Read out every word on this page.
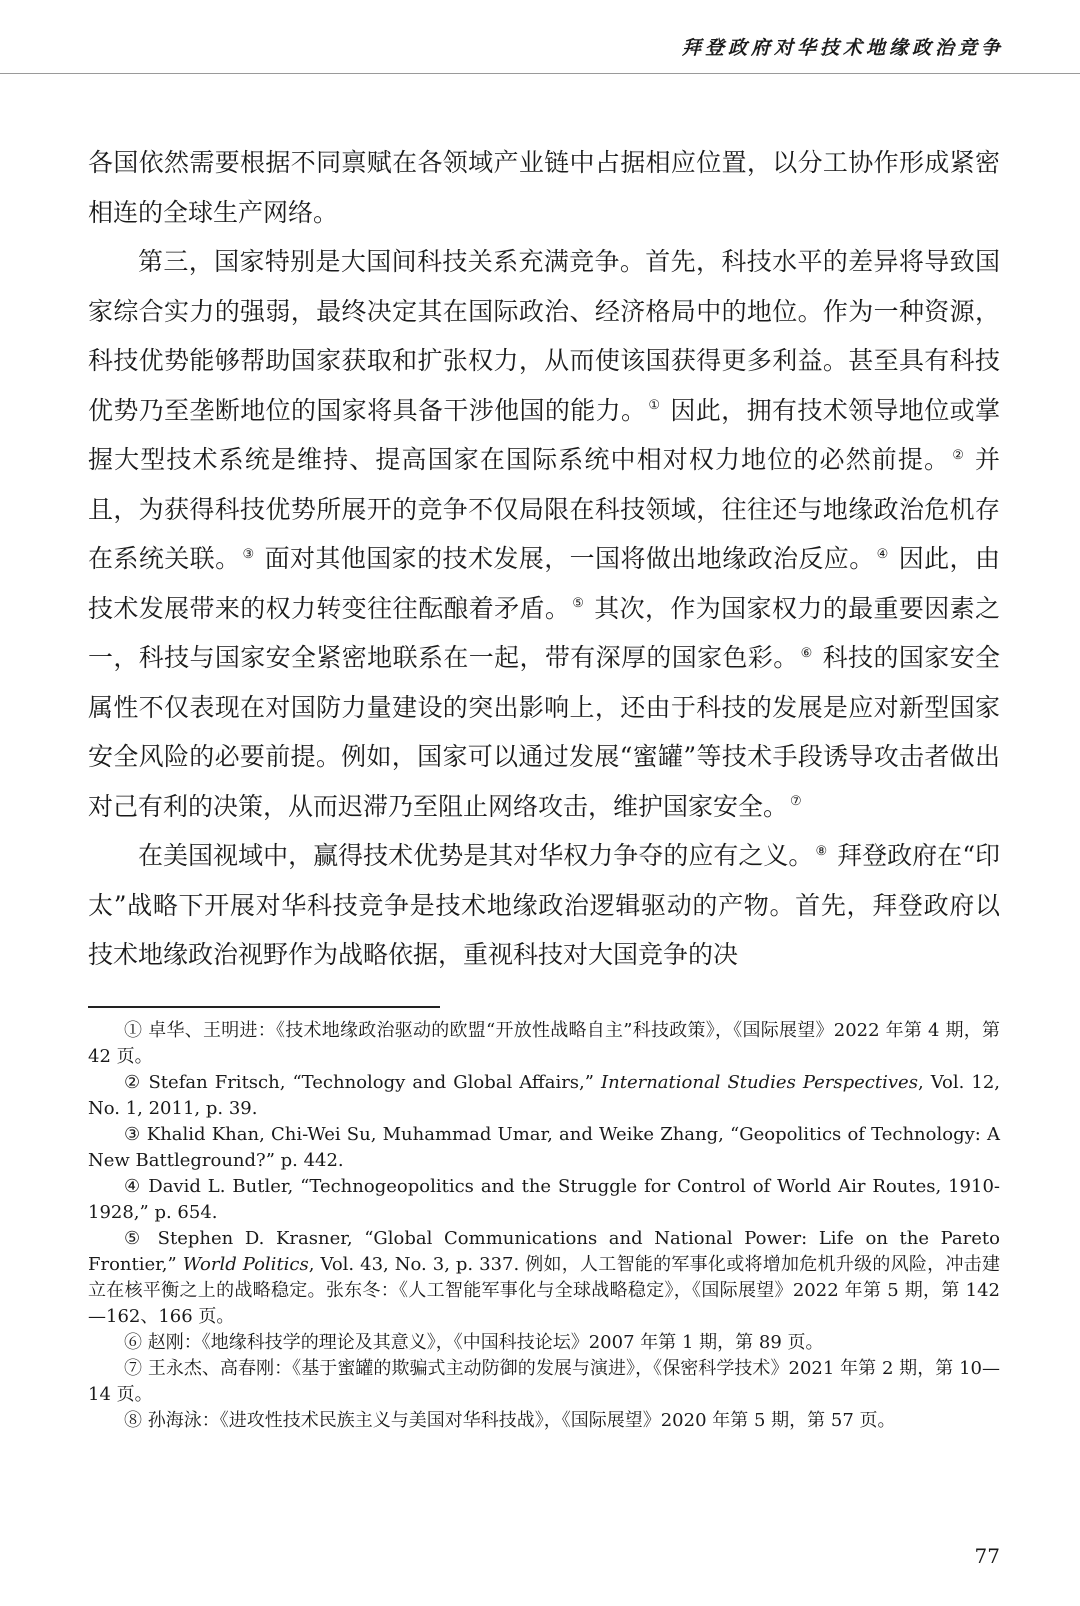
拜登政府对华技术地缘政治竞争

各国依然需要根据不同禀赋在各领域产业链中占据相应位置，以分工协作形成紧密相连的全球生产网络。

第三，国家特别是大国间科技关系充满竞争。首先，科技水平的差异将导致国家综合实力的强弱，最终决定其在国际政治、经济格局中的地位。作为一种资源，科技优势能够帮助国家获取和扩张权力，从而使该国获得更多利益。甚至具有科技优势乃至垄断地位的国家将具备干涉他国的能力。 ① 因此，拥有技术领导地位或掌握大型技术系统是维持、提高国家在国际系统中相对权力地位的必然前提。 ② 并且，为获得科技优势所展开的竞争不仅局限在科技领域，往往还与地缘政治危机存在系统关联。 ③ 面对其他国家的技术发展，一国将做出地缘政治反应。 ④ 因此，由技术发展带来的权力转变往往酝酿着矛盾。 ⑤ 其次，作为国家权力的最重要因素之一，科技与国家安全紧密地联系在一起，带有深厚的国家色彩。 ⑥ 科技的国家安全属性不仅表现在对国防力量建设的突出影响上，还由于科技的发展是应对新型国家安全风险的必要前提。例如，国家可以通过发展“蜜罐”等技术手段诱导攻击者做出对己有利的决策，从而迟滞乃至阻止网络攻击，维护国家安全。 ⑦

在美国视域中，赢得技术优势是其对华权力争夺的应有之义。 ⑧ 拜登政府在“印太”战略下开展对华科技竞争是技术地缘政治逻辑驱动的产物。首先，拜登政府以技术地缘政治视野作为战略依据，重视科技对大国竞争的决

① 卓华、王明进：《技术地缘政治驱动的欧盟“开放性战略自主”科技政策》，《国际展望》2022 年第 4 期，第 42 页。

② Stefan Fritsch, “Technology and Global Affairs,” International Studies Perspectives, Vol. 12, No. 1, 2011, p. 39.

③ Khalid Khan, Chi-Wei Su, Muhammad Umar, and Weike Zhang, “Geopolitics of Technology: A New Battleground?” p. 442.

④ David L. Butler, “Technogeopolitics and the Struggle for Control of World Air Routes, 1910-1928,” p. 654.

⑤ Stephen D. Krasner, “Global Communications and National Power: Life on the Pareto Frontier,” World Politics, Vol. 43, No. 3, p. 337. 例如，人工智能的军事化或将增加危机升级的风险，冲击建立在核平衡之上的战略稳定。张东冬：《人工智能军事化与全球战略稳定》，《国际展望》2022 年第 5 期，第 142—162、166 页。

⑥ 赵刚：《地缘科技学的理论及其意义》，《中国科技论坛》2007 年第 1 期，第 89 页。

⑦ 王永杰、高春刚：《基于蜜罐的欺骗式主动防御的发展与演进》，《保密科学技术》2021 年第 2 期，第 10—14 页。

⑧ 孙海泳：《进攻性技术民族主义与美国对华科技战》，《国际展望》2020 年第 5 期，第 57 页。

77
